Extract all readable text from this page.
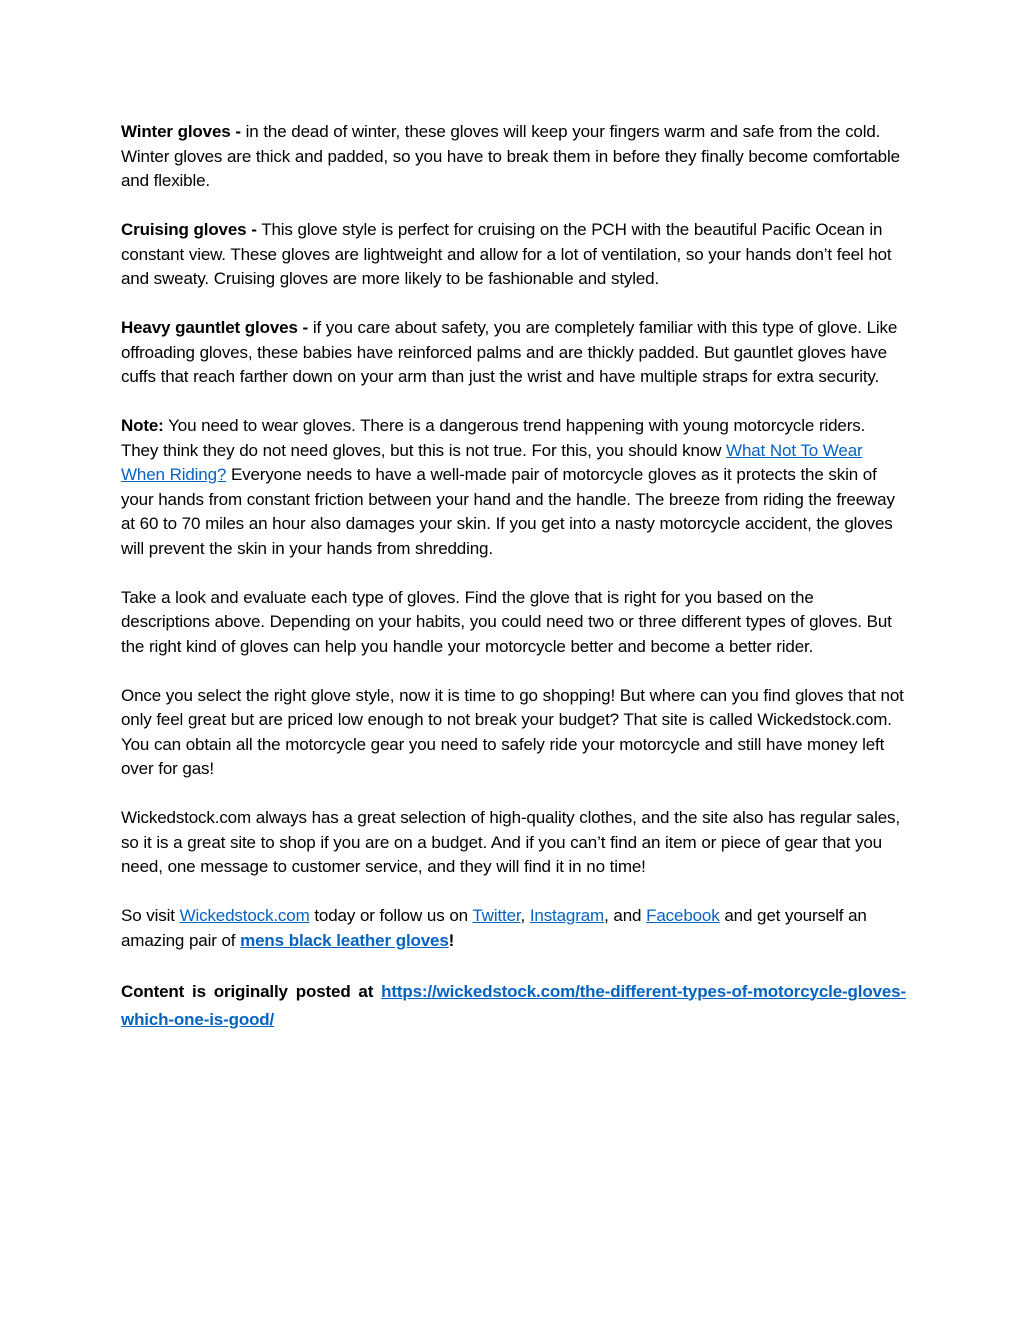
Winter gloves - in the dead of winter, these gloves will keep your fingers warm and safe from the cold. Winter gloves are thick and padded, so you have to break them in before they finally become comfortable and flexible.

Cruising gloves - This glove style is perfect for cruising on the PCH with the beautiful Pacific Ocean in constant view. These gloves are lightweight and allow for a lot of ventilation, so your hands don’t feel hot and sweaty. Cruising gloves are more likely to be fashionable and styled.

Heavy gauntlet gloves - if you care about safety, you are completely familiar with this type of glove. Like offroading gloves, these babies have reinforced palms and are thickly padded. But gauntlet gloves have cuffs that reach farther down on your arm than just the wrist and have multiple straps for extra security.

Note: You need to wear gloves. There is a dangerous trend happening with young motorcycle riders. They think they do not need gloves, but this is not true. For this, you should know What Not To Wear When Riding? Everyone needs to have a well-made pair of motorcycle gloves as it protects the skin of your hands from constant friction between your hand and the handle. The breeze from riding the freeway at 60 to 70 miles an hour also damages your skin. If you get into a nasty motorcycle accident, the gloves will prevent the skin in your hands from shredding.

Take a look and evaluate each type of gloves. Find the glove that is right for you based on the descriptions above. Depending on your habits, you could need two or three different types of gloves. But the right kind of gloves can help you handle your motorcycle better and become a better rider.

Once you select the right glove style, now it is time to go shopping! But where can you find gloves that not only feel great but are priced low enough to not break your budget? That site is called Wickedstock.com. You can obtain all the motorcycle gear you need to safely ride your motorcycle and still have money left over for gas!

Wickedstock.com always has a great selection of high-quality clothes, and the site also has regular sales, so it is a great site to shop if you are on a budget. And if you can’t find an item or piece of gear that you need, one message to customer service, and they will find it in no time!

So visit Wickedstock.com today or follow us on Twitter, Instagram, and Facebook and get yourself an amazing pair of mens black leather gloves!

Content is originally posted at https://wickedstock.com/the-different-types-of-motorcycle-gloves-which-one-is-good/
